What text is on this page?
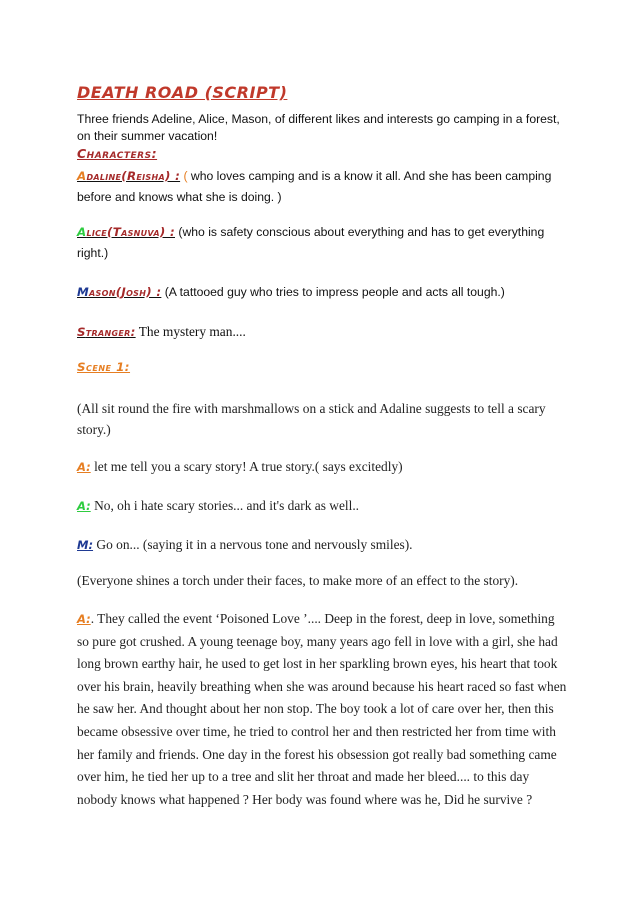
DEATH ROAD (SCRIPT)
Three friends Adeline, Alice, Mason, of different likes and interests go camping in a forest, on their summer vacation!
Characters:
Adaline(Reisha) : ( who loves camping and is a know it all. And she has been camping before and knows what she is doing. )
Alice(Tasnuva) : (who is safety conscious about everything and has to get everything right.)
Mason(Josh) : (A tattooed guy who tries to impress people and acts all tough.)
Stranger: The mystery man....
Scene 1:
(All sit round the fire with marshmallows on a stick and Adaline suggests to tell a scary story.)
A: let me tell you a scary story! A true story.( says excitedly)
A: No, oh i hate scary stories... and it's dark as well..
M: Go on... (saying it in a nervous tone and nervously smiles).
(Everyone shines a torch under their faces, to make more of an effect to the story).
A:. They called the event ‘Poisoned Love ’.... Deep in the forest, deep in love, something so pure got crushed. A young teenage boy, many years ago fell in love with a girl, she had long brown earthy hair, he used to get lost in her sparkling brown eyes, his heart that took over his brain, heavily breathing when she was around because his heart raced so fast when he saw her. And thought about her non stop. The boy took a lot of care over her, then this became obsessive over time, he tried to control her and then restricted her from time with her family and friends. One day in the forest his obsession got really bad something came over him, he tied her up to a tree and slit her throat and made her bleed.... to this day nobody knows what happened ? Her body was found where was he, Did he survive ?
